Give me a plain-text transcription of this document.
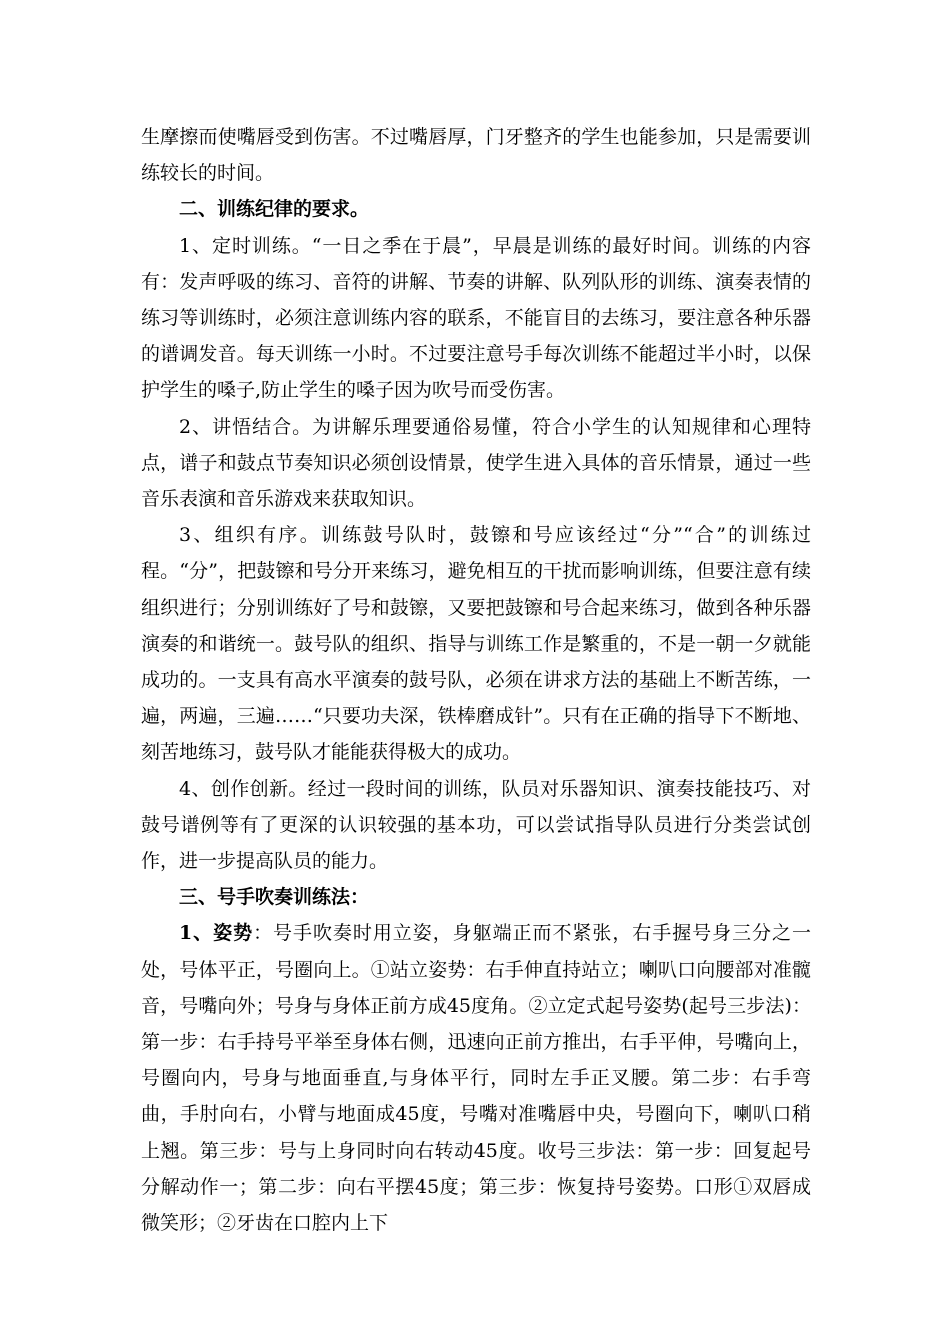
生摩擦而使嘴唇受到伤害。不过嘴唇厚，门牙整齐的学生也能参加，只是需要训练较长的时间。

二、训练纪律的要求。

1、定时训练。“一日之季在于晨”，早晨是训练的最好时间。训练的内容有：发声呼吸的练习、音符的讲解、节奏的讲解、队列队形的训练、演奏表情的练习等训练时，必须注意训练内容的联系，不能盲目的去练习，要注意各种乐器的谱调发音。每天训练一小时。不过要注意号手每次训练不能超过半小时，以保护学生的嗓子,防止学生的嗓子因为吹号而受伤害。

2、讲悟结合。为讲解乐理要通俗易懂，符合小学生的认知规律和心理特点，谱子和鼓点节奏知识必须创设情景，使学生进入具体的音乐情景，通过一些音乐表演和音乐游戏来获取知识。

3、组织有序。训练鼓号队时，鼓镲和号应该经过“分”“合”的训练过程。“分”，把鼓镲和号分开来练习，避免相互的干扰而影响训练，但要注意有续组织进行；分别训练好了号和鼓镲，又要把鼓镲和号合起来练习，做到各种乐器演奏的和谐统一。鼓号队的组织、指导与训练工作是繁重的，不是一朝一夕就能成功的。一支具有高水平演奏的鼓号队，必须在讲求方法的基础上不断苦练，一遍，两遍，三遍……“只要功夫深，铁棒磨成针”。只有在正确的指导下不断地、刻苦地练习，鼓号队才能能获得极大的成功。

4、创作创新。经过一段时间的训练，队员对乐器知识、演奏技能技巧、对鼓号谱例等有了更深的认识较强的基本功，可以尝试指导队员进行分类尝试创作，进一步提高队员的能力。

三、号手吹奏训练法：

1、姿势：号手吹奏时用立姿，身躯端正而不紧张，右手握号身三分之一处，号体平正，号圈向上。①站立姿势：右手伸直持站立；喇叭口向腰部对准髋音，号嘴向外；号身与身体正前方成45度角。②立定式起号姿势(起号三步法)：第一步：右手持号平举至身体右侧，迅速向正前方推出，右手平伸，号嘴向上，号圈向内，号身与地面垂直,与身体平行，同时左手正叉腰。第二步：右手弯曲，手肘向右，小臂与地面成45度，号嘴对准嘴唇中央，号圈向下，喇叭口稍上翘。第三步：号与上身同时向右转动45度。收号三步法：第一步：回复起号分解动作一；第二步：向右平摆45度；第三步：恢复持号姿势。口形①双唇成微笑形；②牙齿在口腔内上下
